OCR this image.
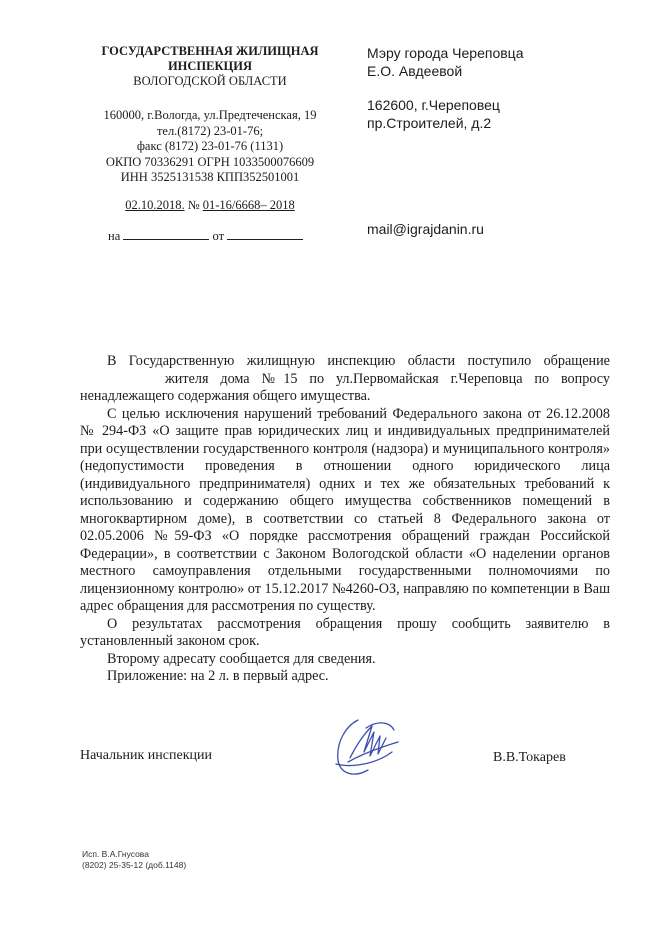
ГОСУДАРСТВЕННАЯ ЖИЛИЩНАЯ
ИНСПЕКЦИЯ
ВОЛОГОДСКОЙ ОБЛАСТИ
160000, г.Вологда, ул.Предтеченская, 19
тел.(8172) 23-01-76;
факс (8172) 23-01-76 (1131)
ОКПО 70336291 ОГРН 1033500076609
ИНН 3525131538 КПП352501001
02.10.2018. № 01-16/6668– 2018
на	от
Мэру города Череповца
Е.О. Авдеевой
162600, г.Череповец
пр.Строителей, д.2
mail@igrajdanin.ru

В Государственную жилищную инспекцию области поступило обращение жителя дома №15 по ул.Первомайская г.Череповца по вопросу ненадлежащего содержания общего имущества.

С целью исключения нарушений требований Федерального закона от 26.12.2008 № 294-ФЗ «О защите прав юридических лиц и индивидуальных предпринимателей при осуществлении государственного контроля (надзора) и муниципального контроля» (недопустимости проведения в отношении одного юридического лица (индивидуального предпринимателя) одних и тех же обязательных требований к использованию и содержанию общего имущества собственников помещений в многоквартирном доме), в соответствии со статьей 8 Федерального закона от 02.05.2006 №59-ФЗ «О порядке рассмотрения обращений граждан Российской Федерации», в соответствии с Законом Вологодской области «О наделении органов местного самоуправления отдельными государственными полномочиями по лицензионному контролю» от 15.12.2017 №4260-ОЗ, направляю по компетенции в Ваш адрес обращения для рассмотрения по существу.

О результатах рассмотрения обращения прошу сообщить заявителю в установленный законом срок.

Второму адресату сообщается для сведения.

Приложение: на 2 л. в первый адрес.

Начальник инспекции	В.В.Токарев
Исп. В.А.Гнусова
(8202) 25-35-12 (доб.1148)
